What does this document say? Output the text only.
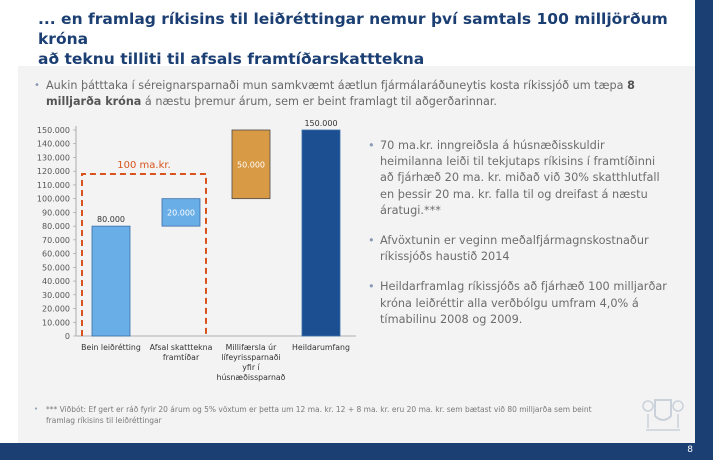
... en framlag ríkisins til leiðréttingar nemur því samtals 100 milljörðum króna
að teknu tilliti til afsals framtíðarskatttekna
• Aukin þátttaka í séreignarsparnaði mun samkvæmt áætlun fjármálaráðuneytis kosta ríkissjóð um tæpa 8 milljarða króna á næstu þremur árum, sem er beint framlagt til aðgerðarinnar.
0
10.000
20.000
30.000
40.000
50.000
60.000
70.000
80.000
90.000
100.000
110.000
120.000
130.000
140.000
150.000
80.000
Bein leiðrétting
20.000
Afsal skatttekna
framtíðar
50.000
Millifærsla úr
lífeyrissparnaði
yfir í
húsnæðissparnað
150.000
Heildarumfang
100 ma.kr.
• 70 ma.kr. inngreiðsla á húsnæðisskuldir heimilanna leiði til tekjutaps ríkisins í framtíðinni að fjárhæð 20 ma. kr. miðað við 30% skatthlutfall en þessir 20 ma. kr. falla til og dreifast á næstu áratugi.***
• Afvöxtunin er veginn meðalfjármagnskostnaður ríkissjóðs haustið 2014
• Heildarframlag ríkissjóðs að fjárhæð 100 milljarðar króna leiðréttir alla verðbólgu umfram 4,0% á tímabilinu 2008 og 2009.
• *** Viðbót: Ef gert er ráð fyrir 20 árum og 5% vöxtum er þetta um 12 ma. kr. 12 + 8 ma. kr. eru 20 ma. kr. sem bætast við 80 milljarða sem beint
framlag ríkisins til leiðréttingar
8
